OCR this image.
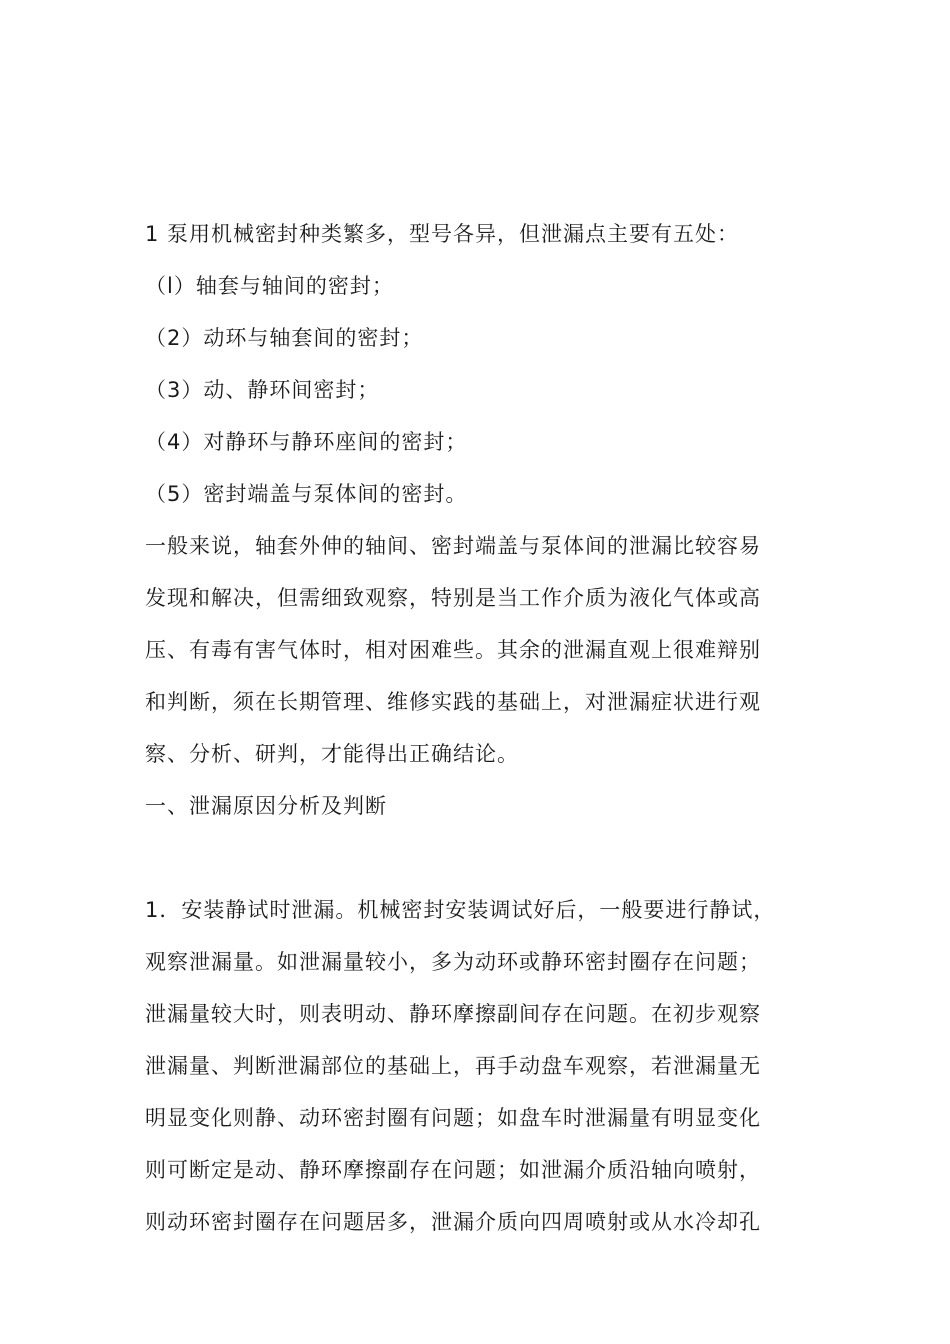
1 泵用机械密封种类繁多，型号各异，但泄漏点主要有五处：
（l）轴套与轴间的密封；
（2）动环与轴套间的密封；
（3）动、静环间密封；
（4）对静环与静环座间的密封；
（5）密封端盖与泵体间的密封。
一般来说，轴套外伸的轴间、密封端盖与泵体间的泄漏比较容易
发现和解决，但需细致观察，特别是当工作介质为液化气体或高
压、有毒有害气体时，相对困难些。其余的泄漏直观上很难辩别
和判断，须在长期管理、维修实践的基础上，对泄漏症状进行观
察、分析、研判，才能得出正确结论。
一、泄漏原因分析及判断
1．安装静试时泄漏。机械密封安装调试好后，一般要进行静试，
观察泄漏量。如泄漏量较小，多为动环或静环密封圈存在问题；
泄漏量较大时，则表明动、静环摩擦副间存在问题。在初步观察
泄漏量、判断泄漏部位的基础上，再手动盘车观察，若泄漏量无
明显变化则静、动环密封圈有问题；如盘车时泄漏量有明显变化
则可断定是动、静环摩擦副存在问题；如泄漏介质沿轴向喷射，
则动环密封圈存在问题居多，泄漏介质向四周喷射或从水冷却孔
